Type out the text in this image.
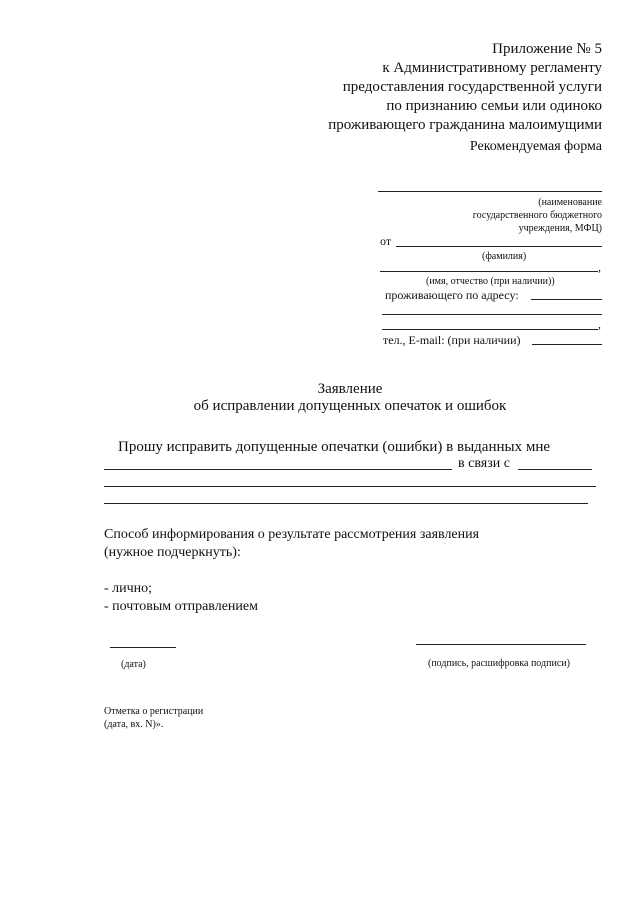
Приложение № 5
к Административному регламенту
предоставления государственной услуги
по признанию семьи или одиноко
проживающего гражданина малоимущими
Рекомендуемая форма
(наименование
государственного бюджетного
учреждения, МФЦ)
от
(фамилия)
,
(имя, отчество (при наличии))
проживающего по адресу:
,
тел., E-mail: (при наличии)
Заявление
об исправлении допущенных опечаток и ошибок
Прошу исправить допущенные опечатки (ошибки) в выданных мне
в связи с
Способ информирования о результате рассмотрения заявления
(нужное подчеркнуть):
- лично;
- почтовым отправлением
(дата)	(подпись, расшифровка подписи)
Отметка о регистрации
(дата, вх. N)».
